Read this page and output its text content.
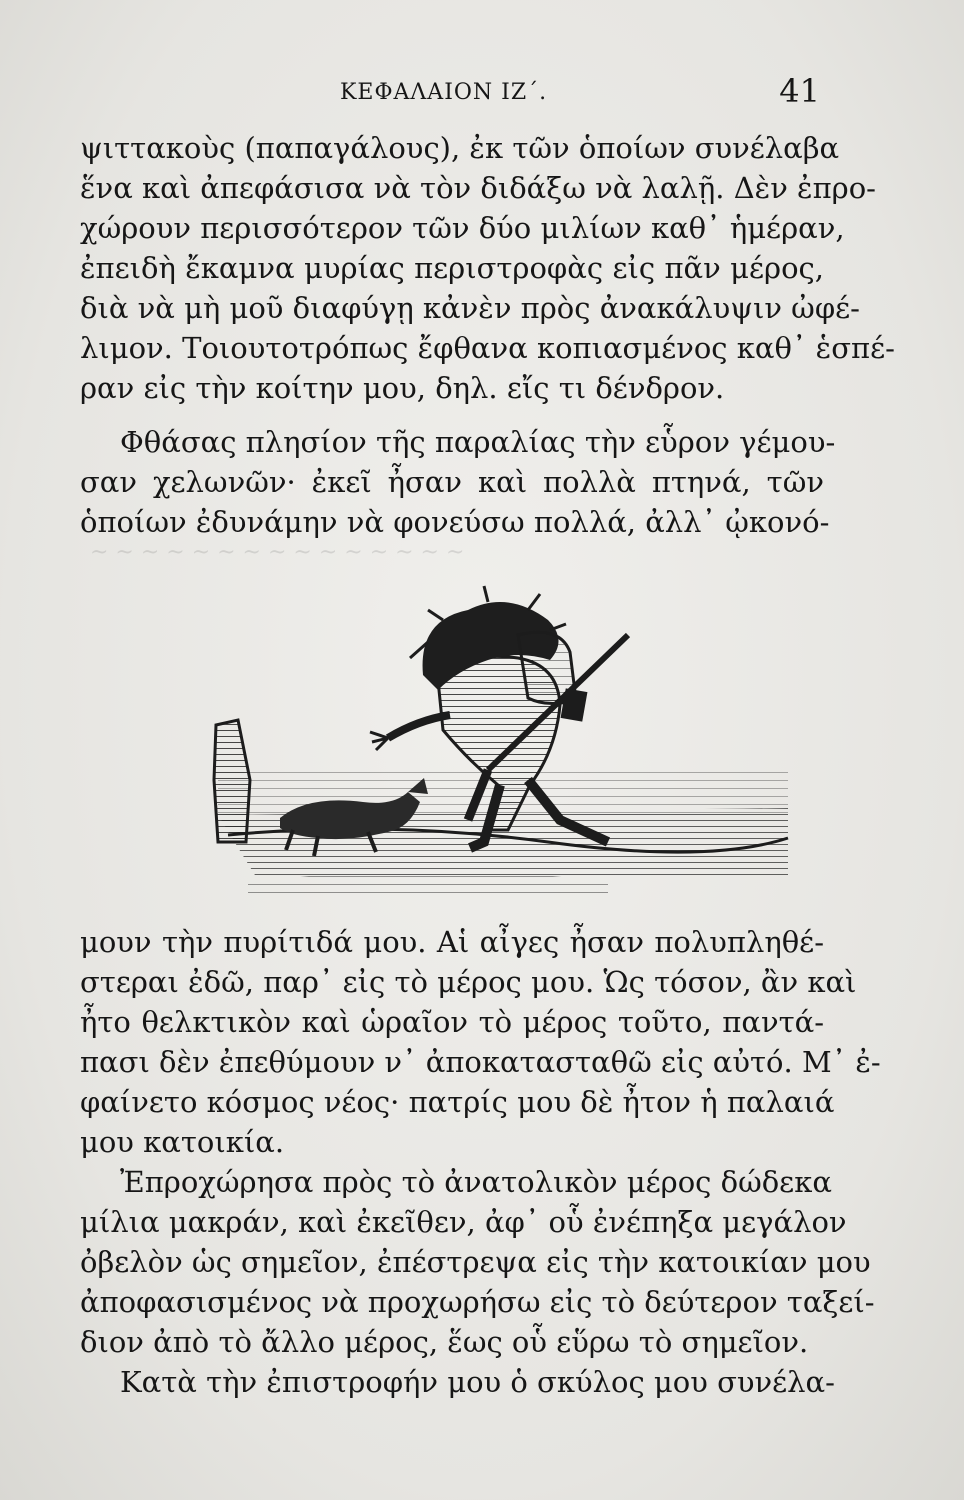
ΚΕΦΑΛΑΙΟΝ ΙΖ΄.	41
~ ~ ~ ~ ~ ~ ~ ~ ~ ~ ~ ~ ~ ~ ~
ψιττακοὺς (παπαγάλους), ἐκ τῶν ὁποίων συνέλαβα
ἕνα καὶ ἀπεφάσισα νὰ τὸν διδάξω νὰ λαλῇ. Δὲν ἐπρο-
χώρουν περισσότερον τῶν δύο μιλίων καθ᾽ ἡμέραν,
ἐπειδὴ ἔκαμνα μυρίας περιστροφὰς εἰς πᾶν μέρος,
διὰ νὰ μὴ μοῦ διαφύγῃ κἀνὲν πρὸς ἀνακάλυψιν ὠφέ-
λιμον. Τοιουτοτρόπως ἔφθανα κοπιασμένος καθ᾽ ἑσπέ-
ραν εἰς τὴν κοίτην μου, δηλ. εἴς τι δένδρον.
Φθάσας πλησίον τῆς παραλίας τὴν εὗρον γέμου-
σαν χελωνῶν· ἐκεῖ ἦσαν καὶ πολλὰ πτηνά, τῶν
ὁποίων ἐδυνάμην νὰ φονεύσω πολλά, ἀλλ᾽ ᾠκονό-
μουν τὴν πυρίτιδά μου. Αἱ αἶγες ἦσαν πολυπληθέ-
στεραι ἐδῶ, παρ᾽ εἰς τὸ μέρος μου. Ὡς τόσον, ἂν καὶ
ἦτο θελκτικὸν καὶ ὡραῖον τὸ μέρος τοῦτο, παντά-
πασι δὲν ἐπεθύμουν ν᾽ ἀποκατασταθῶ εἰς αὐτό. Μ᾽ ἐ-
φαίνετο κόσμος νέος· πατρίς μου δὲ ἦτον ἡ παλαιά
μου κατοικία.
Ἐπροχώρησα πρὸς τὸ ἀνατολικὸν μέρος δώδεκα
μίλια μακράν, καὶ ἐκεῖθεν, ἀφ᾽ οὗ ἐνέπηξα μεγάλον
ὀβελὸν ὡς σημεῖον, ἐπέστρεψα εἰς τὴν κατοικίαν μου
ἀποφασισμένος νὰ προχωρήσω εἰς τὸ δεύτερον ταξεί-
διον ἀπὸ τὸ ἄλλο μέρος, ἕως οὗ εὕρω τὸ σημεῖον.
Κατὰ τὴν ἐπιστροφήν μου ὁ σκύλος μου συνέλα-
